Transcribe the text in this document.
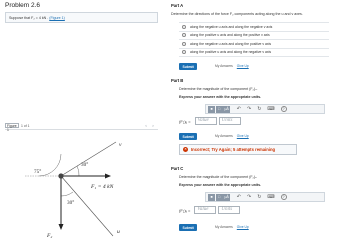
Problem 2.6
Suppose that F₂ = 4 kN . (Figure 1)
Figure 1
1 of 1	< >
75°
30°
30°
F₁ = 4 kN
F₂
u
v
Part A
Determine the directions of the force F₂ components acting along the u and v axes.
along the negative u axis and along the negative v axis
along the positive u axis and along the positive v axis
along the negative u axis and along the positive v axis
along the positive u axis and along the negative v axis
Submit	My Answers Give Up
Part B
Determine the magnitude of the component (F₂)ᵤ.
Express your answer with the appropriate units.
■	□	μÅ ↶ ↷ ↻ ⌨	?
(F₂)ᵤ =	Value	Units
Submit	My Answers Give Up
×	Incorrect; Try Again; 5 attempts remaining
Part C
Determine the magnitude of the component (F₂)ᵥ.
Express your answer with the appropriate units.
■	□	μÅ ↶ ↷ ↻ ⌨	?
(F₂)ᵥ =	Value	Units
Submit	My Answers Give Up
